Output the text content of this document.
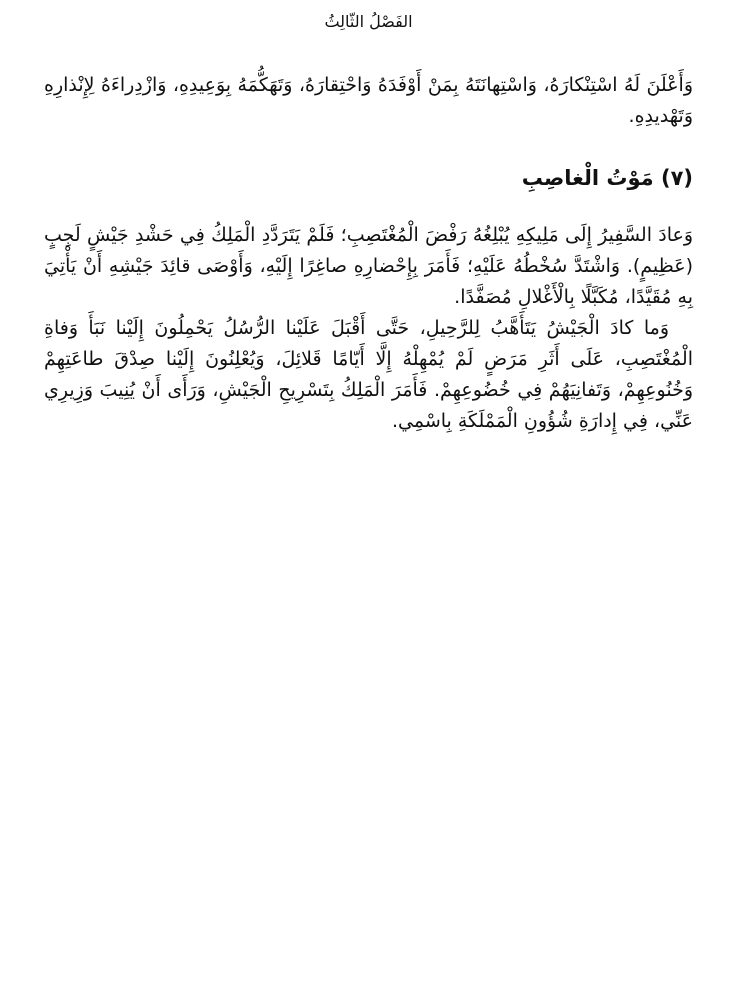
الفَصْلُ الثّالِثُ

وَأَعْلَنَ لَهُ اسْتِنْكارَهُ، وَاسْتِهانَتَهُ بِمَنْ أَوْفَدَهُ وَاحْتِقارَهُ، وَتَهَكُّمَهُ بِوَعِيدِهِ، وَازْدِراءَهُ لِإِنْذارِهِ وَتَهْديدِهِ.

(٧) مَوْتُ الْغاصِبِ

وَعادَ السَّفِيرُ إِلَى مَلِيكِهِ يُبْلِغُهُ رَفْضَ الْمُغْتَصِبِ؛ فَلَمْ يَتَرَدَّدِ الْمَلِكُ فِي حَشْدِ جَيْشٍ لَجِبٍ (عَظِيمٍ). وَاشْتَدَّ سُخْطُهُ عَلَيْهِ؛ فَأَمَرَ بِإِحْضارِهِ صاغِرًا إِلَيْهِ، وَأَوْصَى قائِدَ جَيْشِهِ أَنْ يَأْتِيَ بِهِ مُقَيَّدًا، مُكَبَّلًا بِالْأَغْلالِ مُصَفَّدًا.

وَما كادَ الْجَيْشُ يَتَأَهَّبُ لِلرَّحِيلِ، حَتَّى أَقْبَلَ عَلَيْنا الرُّسُلُ يَحْمِلُونَ إِلَيْنا نَبَأَ وَفاةِ الْمُغْتَصِبِ، عَلَى أَثَرِ مَرَضٍ لَمْ يُمْهِلْهُ إِلَّا أَيّامًا قَلائِلَ، وَيُعْلِنُونَ إِلَيْنا صِدْقَ طاعَتِهِمْ وَخُنُوعِهِمْ، وَتَفانِيَهُمْ فِي خُضُوعِهِمْ. فَأَمَرَ الْمَلِكُ بِتَسْرِيحِ الْجَيْشِ، وَرَأَى أَنْ يُنِيبَ وَزِيرِي عَنِّي، فِي إِدارَةِ شُؤُونِ الْمَمْلَكَةِ بِاسْمِي.
